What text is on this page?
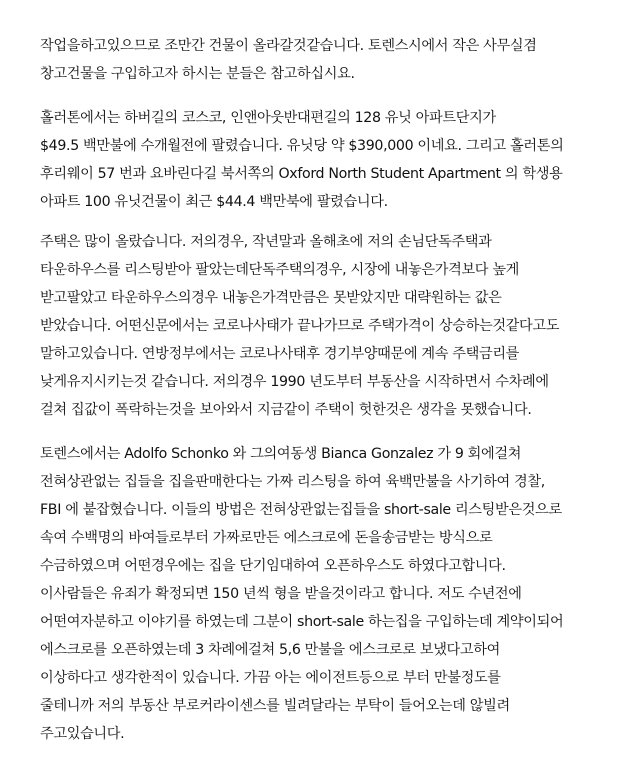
작업을하고있으므로 조만간 건물이 올라갈것같습니다. 토렌스시에서 작은 사무실겸
창고건물을 구입하고자 하시는 분들은 참고하십시요.

홀러톤에서는 하버길의 코스코, 인앤아웃반대편길의 128 유닛 아파트단지가
$49.5 백만불에 수개월전에 팔렸습니다. 유닛당 약 $390,000 이네요. 그리고 홀러톤의
후리웨이 57 번과 요바린다길 북서쪽의 Oxford North Student Apartment 의 학생용
아파트 100 유닛건물이 최근 $44.4 백만북에 팔렸습니다.

주택은 많이 올랐습니다. 저의경우, 작년말과 올해초에 저의 손님단독주택과
타운하우스를 리스팅받아 팔았는데단독주택의경우, 시장에 내놓은가격보다 높게
받고팔았고 타운하우스의경우 내놓은가격만큼은 못받았지만 대략원하는 값은
받았습니다. 어떤신문에서는 코로나사태가 끝나가므로 주택가격이 상승하는것같다고도
말하고있습니다. 연방정부에서는 코로나사태후 경기부양때문에 계속 주택금리를
낮게유지시키는것 같습니다. 저의경우 1990 년도부터 부동산을 시작하면서 수차례에
걸쳐 집값이 폭락하는것을 보아와서 지금같이 주택이 헛한것은 생각을 못했습니다.

토렌스에서는 Adolfo Schonko 와 그의여동생 Bianca Gonzalez 가 9 회에걸쳐
전혀상관없는 집들을 집을판매한다는 가짜 리스팅을 하여 육백만불을 사기하여 경찰,
FBI 에 붙잡혔습니다. 이들의 방법은 전혀상관없는집들을 short-sale 리스팅받은것으로
속여 수백명의 바여들로부터 가짜로만든 에스크로에 돈을송금받는 방식으로
수금하였으며 어떤경우에는 집을 단기임대하여 오픈하우스도 하였다고합니다.
이사람들은 유죄가 확정되면 150 년씩 형을 받을것이라고 합니다. 저도 수년전에
어떤여자분하고 이야기를 하였는데 그분이 short-sale 하는집을 구입하는데 계약이되어
에스크로를 오픈하였는데 3 차례에걸쳐 5,6 만불을 에스크로로 보냈다고하여
이상하다고 생각한적이 있습니다. 가끔 아는 에이전트등으로 부터 만불정도를
줄테니까 저의 부동산 부로커라이센스를 빌려달라는 부탁이 들어오는데 않빌려
주고있습니다.
